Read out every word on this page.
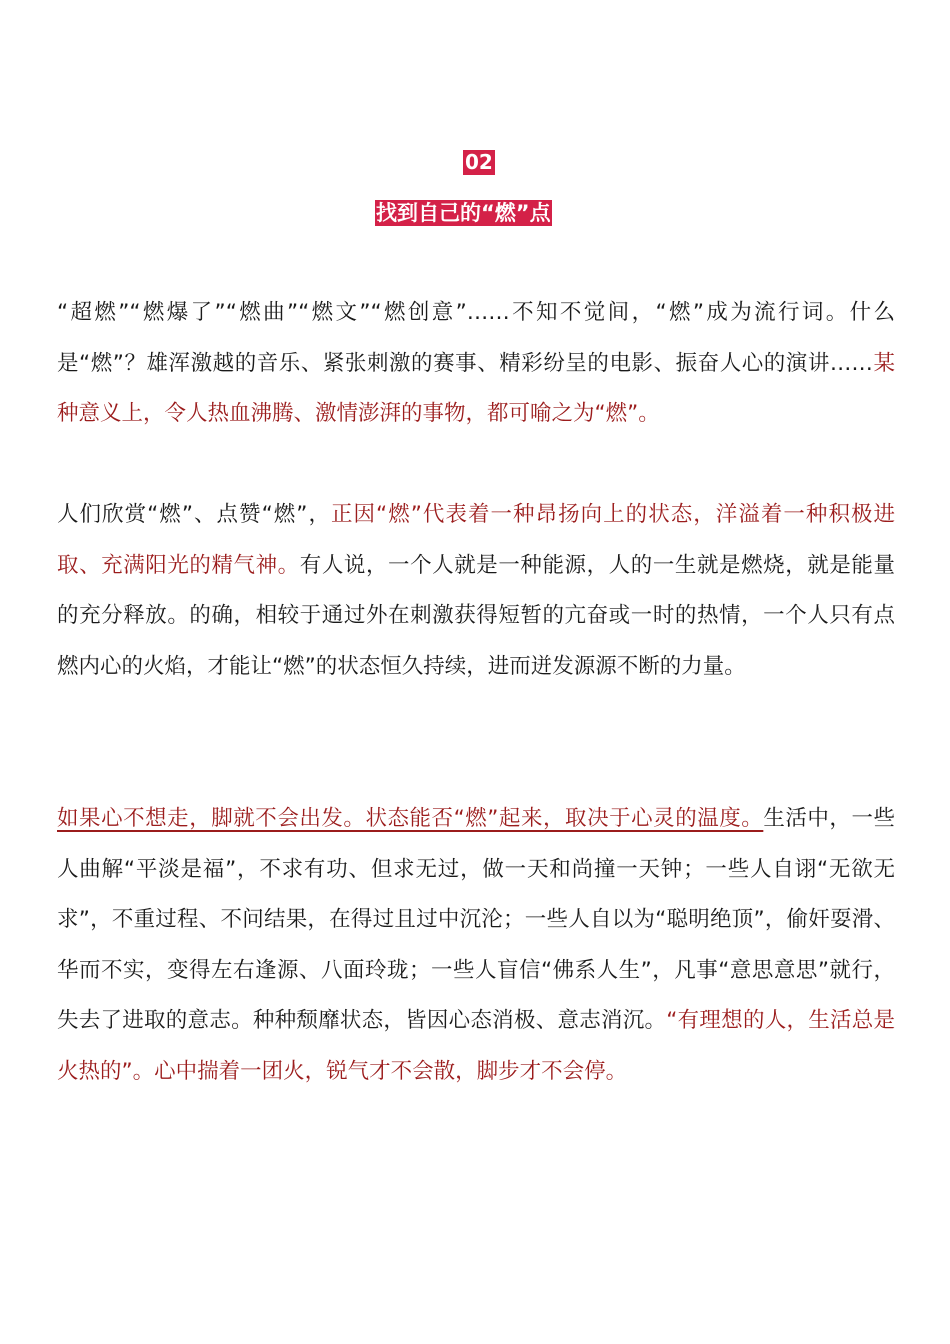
02
找到自己的“燃”点
“超燃”“燃爆了”“燃曲”“燃文”“燃创意”……不知不觉间，“燃”成为流行词。什么是“燃”？雄浑激越的音乐、紧张刺激的赛事、精彩纷呈的电影、振奋人心的演讲……某种意义上，令人热血沸腾、激情澎湃的事物，都可喻之为“燃”。
人们欣赏“燃”、点赞“燃”，正因“燃”代表着一种昂扬向上的状态，洋溢着一种积极进取、充满阳光的精气神。有人说，一个人就是一种能源，人的一生就是燃烧，就是能量的充分释放。的确，相较于通过外在刺激获得短暂的亢奋或一时的热情，一个人只有点燃内心的火焰，才能让“燃”的状态恒久持续，进而迸发源源不断的力量。
如果心不想走，脚就不会出发。状态能否“燃”起来，取决于心灵的温度。生活中，一些人曲解“平淡是福”，不求有功、但求无过，做一天和尚撞一天钟；一些人自诩“无欲无求”，不重过程、不问结果，在得过且过中沉沦；一些人自以为“聪明绝顶”，偷奸耍滑、华而不实，变得左右逢源、八面玲珑；一些人盲信“佛系人生”，凡事“意思意思”就行，失去了进取的意志。种种颓靡状态，皆因心态消极、意志消沉。“有理想的人，生活总是火热的”。心中揣着一团火，锐气才不会散，脚步才不会停。
